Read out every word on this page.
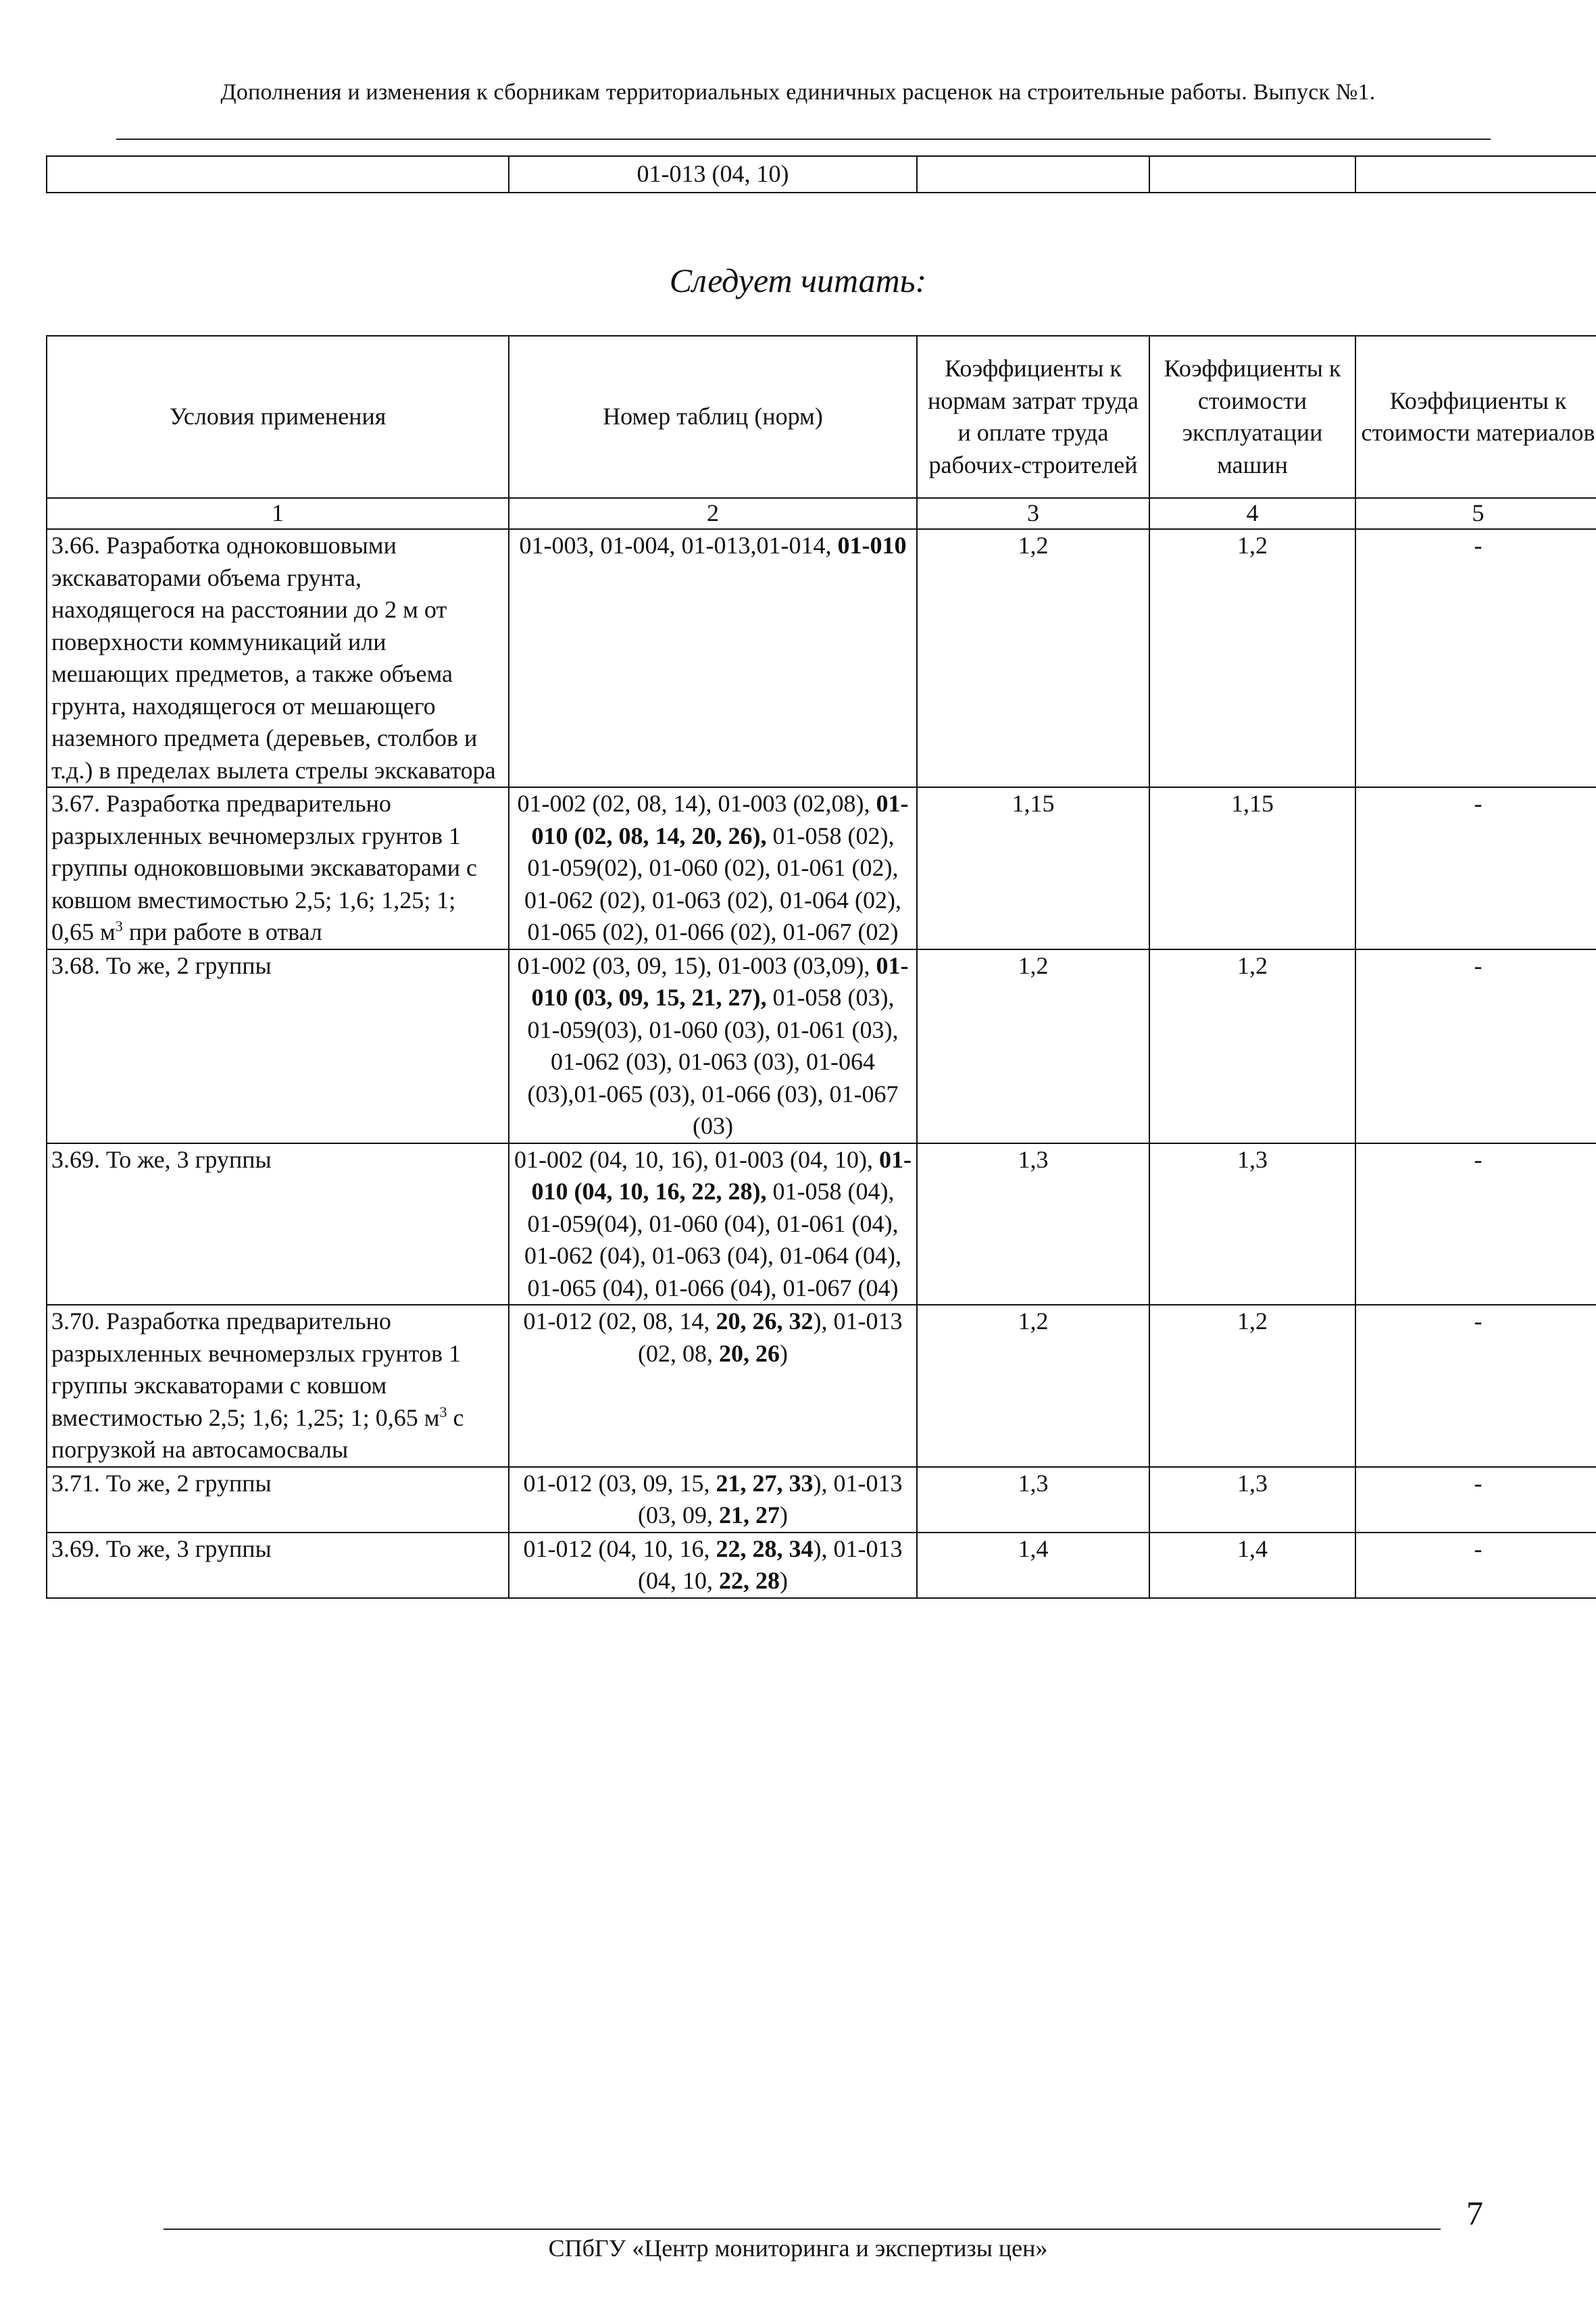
Дополнения и изменения к сборникам территориальных единичных расценок на строительные работы. Выпуск №1.
	01-013 (04, 10)			
Следует читать:
Условия применения	Номер таблиц (норм)	Коэффициенты к нормам затрат труда и оплате труда рабочих-строителей	Коэффициенты к стоимости эксплуатации машин	Коэффициенты к стоимости материалов
1	2	3	4	5
3.66. Разработка одноковшовыми экскаваторами объема грунта, находящегося на расстоянии до 2 м от поверхности коммуникаций или мешающих предметов, а также объема грунта, находящегося от мешающего наземного предмета (деревьев, столбов и т.д.) в пределах вылета стрелы экскаватора	01-003, 01-004, 01-013,01-014, 01-010	1,2	1,2	-
3.67. Разработка предварительно разрыхленных вечномерзлых грунтов 1 группы одноковшовыми экскаваторами с ковшом вместимостью 2,5; 1,6; 1,25; 1; 0,65 $м^3$ при работе в отвал	01-002 (02, 08, 14), 01-003 (02,08), 01-010 (02, 08, 14, 20, 26), 01-058 (02), 01-059(02), 01-060 (02), 01-061 (02), 01-062 (02), 01-063 (02), 01-064 (02), 01-065 (02), 01-066 (02), 01-067 (02)	1,15	1,15	-
3.68. То же, 2 группы	01-002 (03, 09, 15), 01-003 (03,09), 01-010 (03, 09, 15, 21, 27), 01-058 (03), 01-059(03), 01-060 (03), 01-061 (03), 01-062 (03), 01-063 (03), 01-064 (03),01-065 (03), 01-066 (03), 01-067 (03)	1,2	1,2	-
3.69. То же, 3 группы	01-002 (04, 10, 16), 01-003 (04, 10), 01-010 (04, 10, 16, 22, 28), 01-058 (04), 01-059(04), 01-060 (04), 01-061 (04), 01-062 (04), 01-063 (04), 01-064 (04), 01-065 (04), 01-066 (04), 01-067 (04)	1,3	1,3	-
3.70. Разработка предварительно разрыхленных вечномерзлых грунтов 1 группы экскаваторами с ковшом вместимостью 2,5; 1,6; 1,25; 1; 0,65 $м^3$ с погрузкой на автосамосвалы	01-012 (02, 08, 14, 20, 26, 32), 01-013 (02, 08, 20, 26)	1,2	1,2	-
3.71. То же, 2 группы	01-012 (03, 09, 15, 21, 27, 33), 01-013 (03, 09, 21, 27)	1,3	1,3	-
3.69. То же, 3 группы	01-012 (04, 10, 16, 22, 28, 34), 01-013 (04, 10, 22, 28)	1,4	1,4	-
7
СПбГУ «Центр мониторинга и экспертизы цен»
